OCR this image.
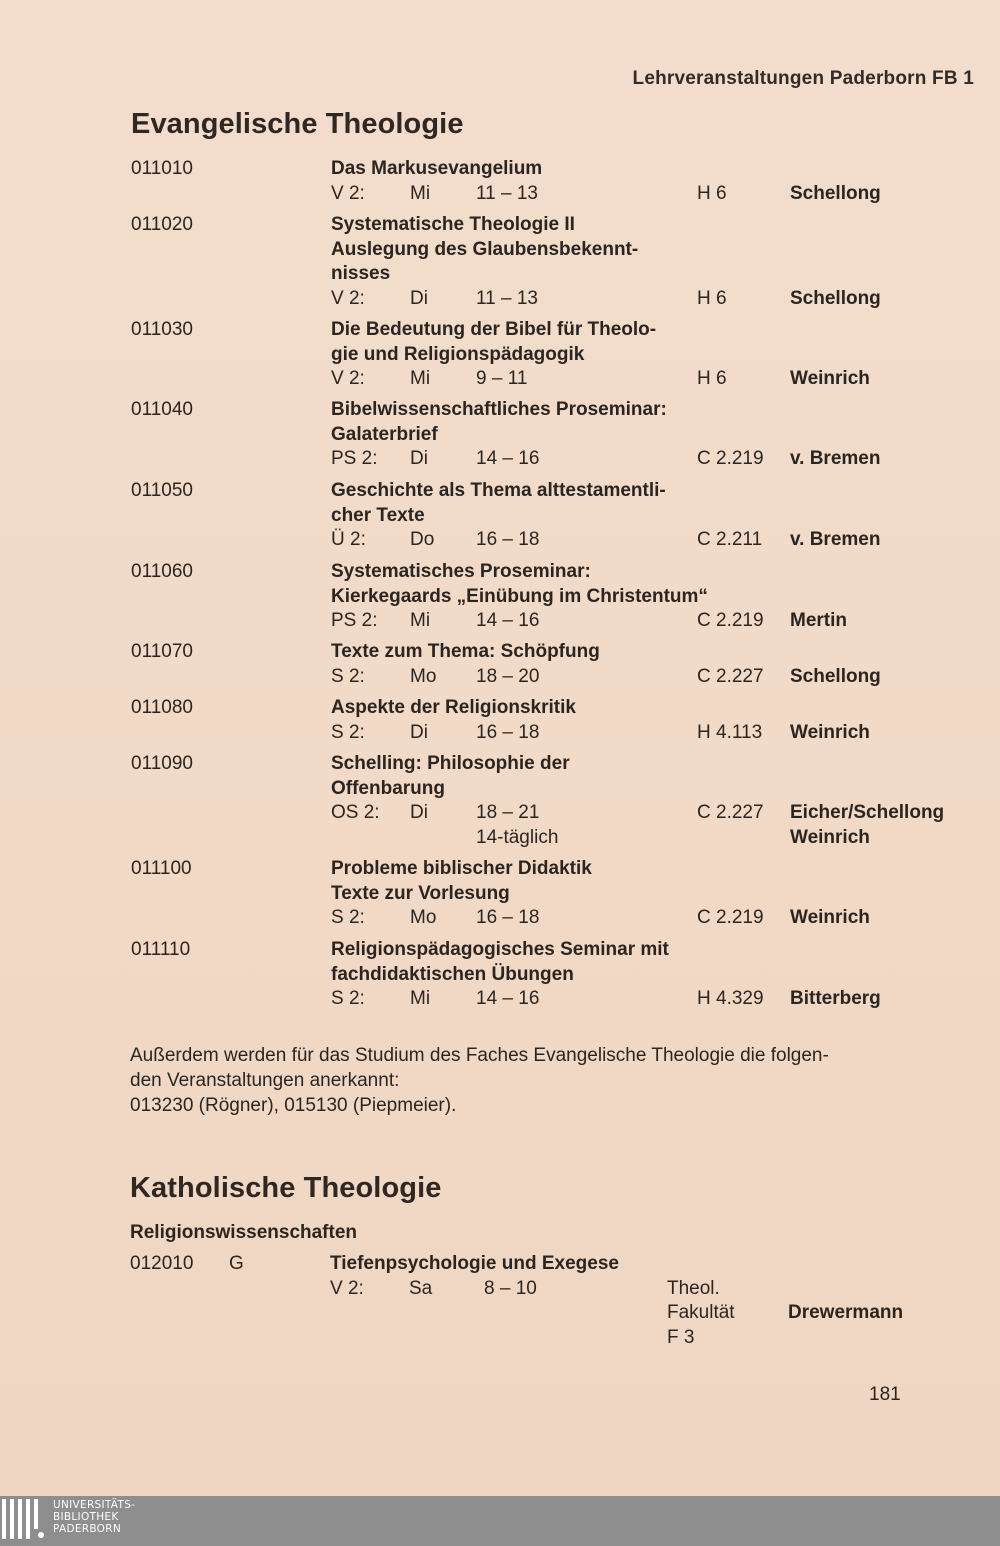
Lehrveranstaltungen Paderborn FB 1
Evangelische Theologie
011010	Das Markusevangelium
V 2: Mi 11 – 13	H 6	Schellong
011020	Systematische Theologie II
Auslegung des Glaubensbekennt-
nisses
V 2: Di	11 – 13	H 6	Schellong
011030	Die Bedeutung der Bibel für Theolo-
gie und Religionspädagogik
V 2: Mi 9 – 11	H 6	Weinrich
011040	Bibelwissenschaftliches Proseminar:
Galaterbrief
PS 2: Di	14 – 16	C 2.219 v. Bremen
011050	Geschichte als Thema alttestamentli-
cher Texte
Ü 2: Do 16 – 18	C 2.211 v. Bremen
011060	Systematisches Proseminar:
Kierkegaards „Einübung im Christentum“
PS 2: Mi 14 – 16	C 2.219 Mertin
011070	Texte zum Thema: Schöpfung
S 2: Mo 18 – 20	C 2.227 Schellong
011080	Aspekte der Religionskritik
S 2: Di	16 – 18	H 4.113 Weinrich
011090	Schelling: Philosophie der
Offenbarung
OS 2: Di	18 – 21	C 2.227 Eicher/Schellong
14-täglich	Weinrich
011100	Probleme biblischer Didaktik
Texte zur Vorlesung
S 2: Mo 16 – 18	C 2.219 Weinrich
011110	Religionspädagogisches Seminar mit
fachdidaktischen Übungen
S 2: Mi 14 – 16	H 4.329 Bitterberg
Außerdem werden für das Studium des Faches Evangelische Theologie die folgen-
den Veranstaltungen anerkannt:
013230 (Rögner), 015130 (Piepmeier).
Katholische Theologie
Religionswissenschaften
012010 G	Tiefenpsychologie und Exegese
V 2: Sa	8 – 10	Theol.
Fakultät
F 3
Drewermann
181
UNIVERSITÄTS-
BIBLIOTHEK
PADERBORN
